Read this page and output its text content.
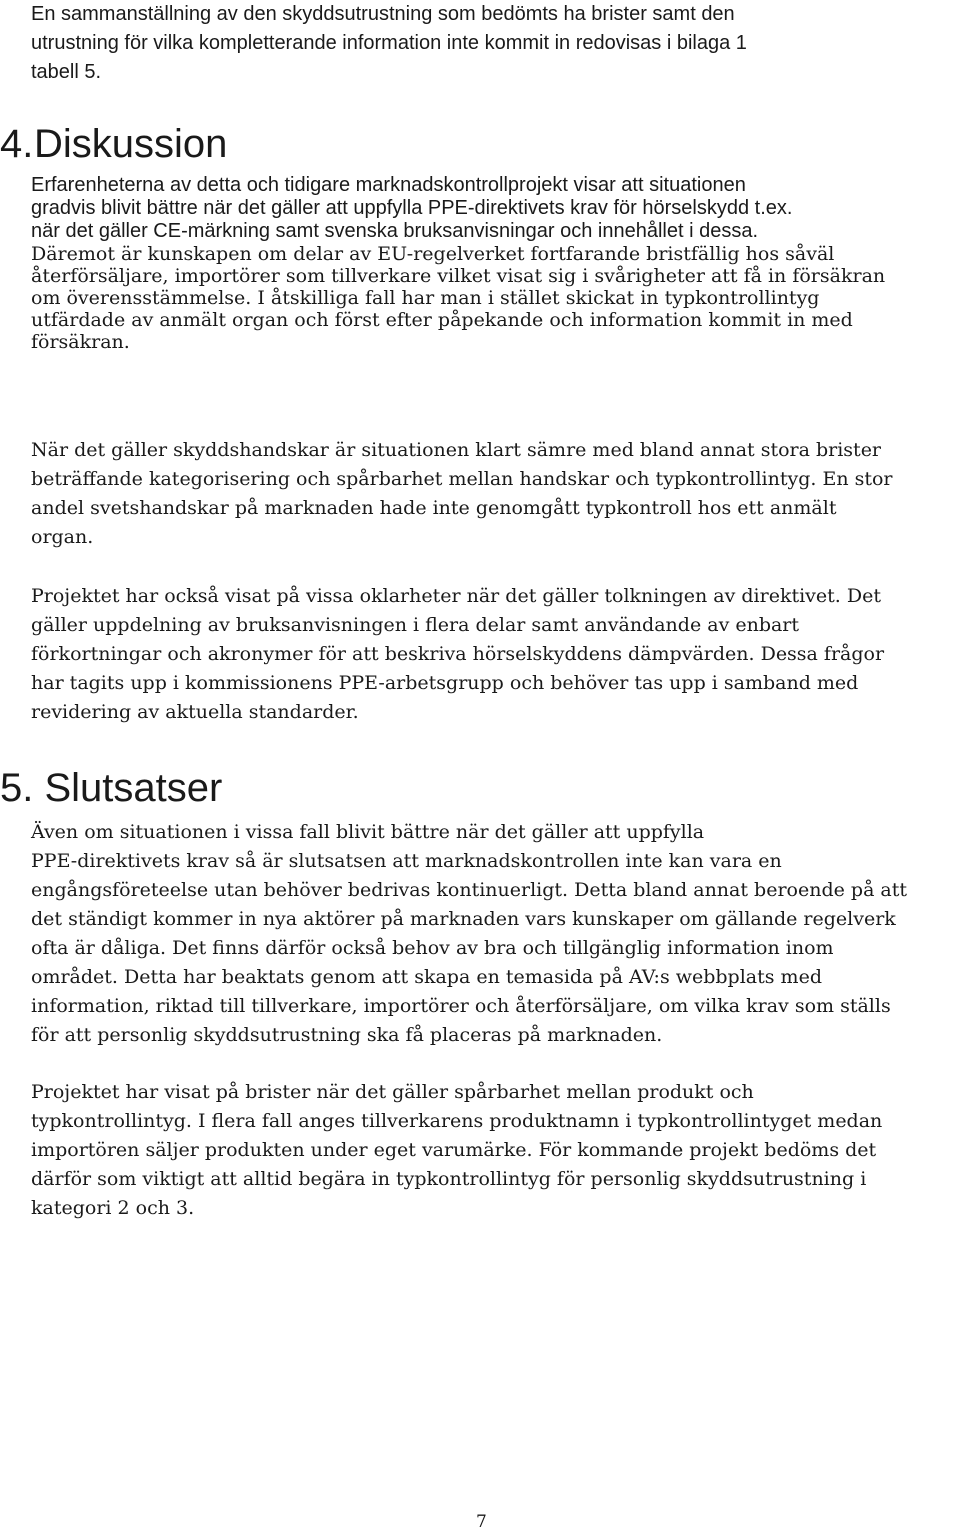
En sammanställning av den skyddsutrustning som bedömts ha brister samt den
utrustning för vilka kompletterande information inte kommit in redovisas i bilaga 1
tabell 5.

4.Diskussion

Erfarenheterna av detta och tidigare marknadskontrollprojekt visar att situationen
gradvis blivit bättre när det gäller att uppfylla PPE-direktivets krav för hörselskydd t.ex.
när det gäller CE-märkning samt svenska bruksanvisningar och innehållet i dessa.
Däremot är kunskapen om delar av EU-regelverket fortfarande bristfällig hos såväl
återförsäljare, importörer som tillverkare vilket visat sig i svårigheter att få in försäkran
om överensstämmelse. I åtskilliga fall har man i stället skickat in typkontrollintyg
utfärdade av anmält organ och först efter påpekande och information kommit in med
försäkran.

När det gäller skyddshandskar är situationen klart sämre med bland annat stora brister
beträffande kategorisering och spårbarhet mellan handskar och typkontrollintyg. En stor
andel svetshandskar på marknaden hade inte genomgått typkontroll hos ett anmält
organ.

Projektet har också visat på vissa oklarheter när det gäller tolkningen av direktivet. Det
gäller uppdelning av bruksanvisningen i flera delar samt användande av enbart
förkortningar och akronymer för att beskriva hörselskyddens dämpvärden. Dessa frågor
har tagits upp i kommissionens PPE-arbetsgrupp och behöver tas upp i samband med
revidering av aktuella standarder.

5. Slutsatser

Även om situationen i vissa fall blivit bättre när det gäller att uppfylla
PPE-direktivets krav så är slutsatsen att marknadskontrollen inte kan vara en
engångsföreteelse utan behöver bedrivas kontinuerligt. Detta bland annat beroende på att
det ständigt kommer in nya aktörer på marknaden vars kunskaper om gällande regelverk
ofta är dåliga. Det finns därför också behov av bra och tillgänglig information inom
området. Detta har beaktats genom att skapa en temasida på AV:s webbplats med
information, riktad till tillverkare, importörer och återförsäljare, om vilka krav som ställs
för att personlig skyddsutrustning ska få placeras på marknaden.

Projektet har visat på brister när det gäller spårbarhet mellan produkt och
typkontrollintyg. I flera fall anges tillverkarens produktnamn i typkontrollintyget medan
importören säljer produkten under eget varumärke. För kommande projekt bedöms det
därför som viktigt att alltid begära in typkontrollintyg för personlig skyddsutrustning i
kategori 2 och 3.

7
